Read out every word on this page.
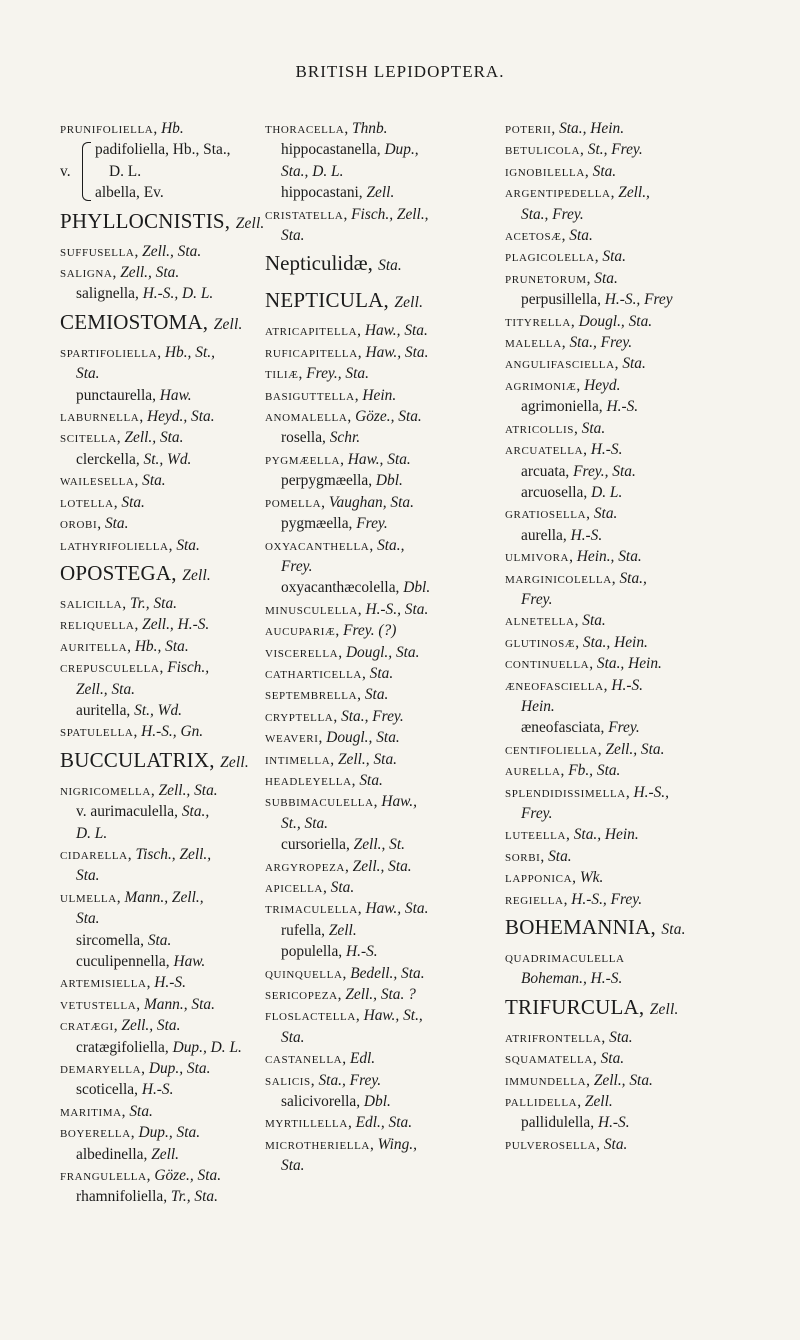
BRITISH LEPIDOPTERA.
prunifoliella, Hb.
v.
padifoliella, Hb., Sta.,
D. L.
albella, Ev.
PHYLLOCNISTIS, Zell.
suffusella, Zell., Sta.
saligna, Zell., Sta.
salignella, H.-S., D. L.
CEMIOSTOMA, Zell.
spartifoliella, Hb., St.,
Sta.
punctaurella, Haw.
laburnella, Heyd., Sta.
scitella, Zell., Sta.
clerckella, St., Wd.
wailesella, Sta.
lotella, Sta.
orobi, Sta.
lathyrifoliella, Sta.
OPOSTEGA, Zell.
salicilla, Tr., Sta.
reliquella, Zell., H.-S.
auritella, Hb., Sta.
crepusculella, Fisch.,
Zell., Sta.
auritella, St., Wd.
spatulella, H.-S., Gn.
BUCCULATRIX, Zell.
nigricomella, Zell., Sta.
v. aurimaculella, Sta.,
D. L.
cidarella, Tisch., Zell.,
Sta.
ulmella, Mann., Zell.,
Sta.
sircomella, Sta.
cuculipennella, Haw.
artemisiella, H.-S.
vetustella, Mann., Sta.
cratægi, Zell., Sta.
cratægifoliella, Dup., D. L.
demaryella, Dup., Sta.
scoticella, H.-S.
maritima, Sta.
boyerella, Dup., Sta.
albedinella, Zell.
frangulella, Göze., Sta.
rhamnifoliella, Tr., Sta.
thoracella, Thnb.
hippocastanella, Dup.,
Sta., D. L.
hippocastani, Zell.
cristatella, Fisch., Zell.,
Sta.
Nepticulidæ, Sta.
NEPTICULA, Zell.
atricapitella, Haw., Sta.
ruficapitella, Haw., Sta.
tiliæ, Frey., Sta.
basiguttella, Hein.
anomalella, Göze., Sta.
rosella, Schr.
pygmæella, Haw., Sta.
perpygmæella, Dbl.
pomella, Vaughan, Sta.
pygmæella, Frey.
oxyacanthella, Sta.,
Frey.
oxyacanthæcolella, Dbl.
minusculella, H.-S., Sta.
aucupariæ, Frey. (?)
viscerella, Dougl., Sta.
catharticella, Sta.
septembrella, Sta.
cryptella, Sta., Frey.
weaveri, Dougl., Sta.
intimella, Zell., Sta.
headleyella, Sta.
subbimaculella, Haw.,
St., Sta.
cursoriella, Zell., St.
argyropeza, Zell., Sta.
apicella, Sta.
trimaculella, Haw., Sta.
rufella, Zell.
populella, H.-S.
quinquella, Bedell., Sta.
sericopeza, Zell., Sta. ?
floslactella, Haw., St.,
Sta.
castanella, Edl.
salicis, Sta., Frey.
salicivorella, Dbl.
myrtillella, Edl., Sta.
microtheriella, Wing.,
Sta.
poterii, Sta., Hein.
betulicola, St., Frey.
ignobilella, Sta.
argentipedella, Zell.,
Sta., Frey.
acetosæ, Sta.
plagicolella, Sta.
prunetorum, Sta.
perpusillella, H.-S., Frey
tityrella, Dougl., Sta.
malella, Sta., Frey.
angulifasciella, Sta.
agrimoniæ, Heyd.
agrimoniella, H.-S.
atricollis, Sta.
arcuatella, H.-S.
arcuata, Frey., Sta.
arcuosella, D. L.
gratiosella, Sta.
aurella, H.-S.
ulmivora, Hein., Sta.
marginicolella, Sta.,
Frey.
alnetella, Sta.
glutinosæ, Sta., Hein.
continuella, Sta., Hein.
æneofasciella, H.-S.
Hein.
æneofasciata, Frey.
centifoliella, Zell., Sta.
aurella, Fb., Sta.
splendidissimella, H.-S.,
Frey.
luteella, Sta., Hein.
sorbi, Sta.
lapponica, Wk.
regiella, H.-S., Frey.
BOHEMANNIA, Sta.
quadrimaculella
Boheman., H.-S.
TRIFURCULA, Zell.
atrifrontella, Sta.
squamatella, Sta.
immundella, Zell., Sta.
pallidella, Zell.
pallidulella, H.-S.
pulverosella, Sta.
